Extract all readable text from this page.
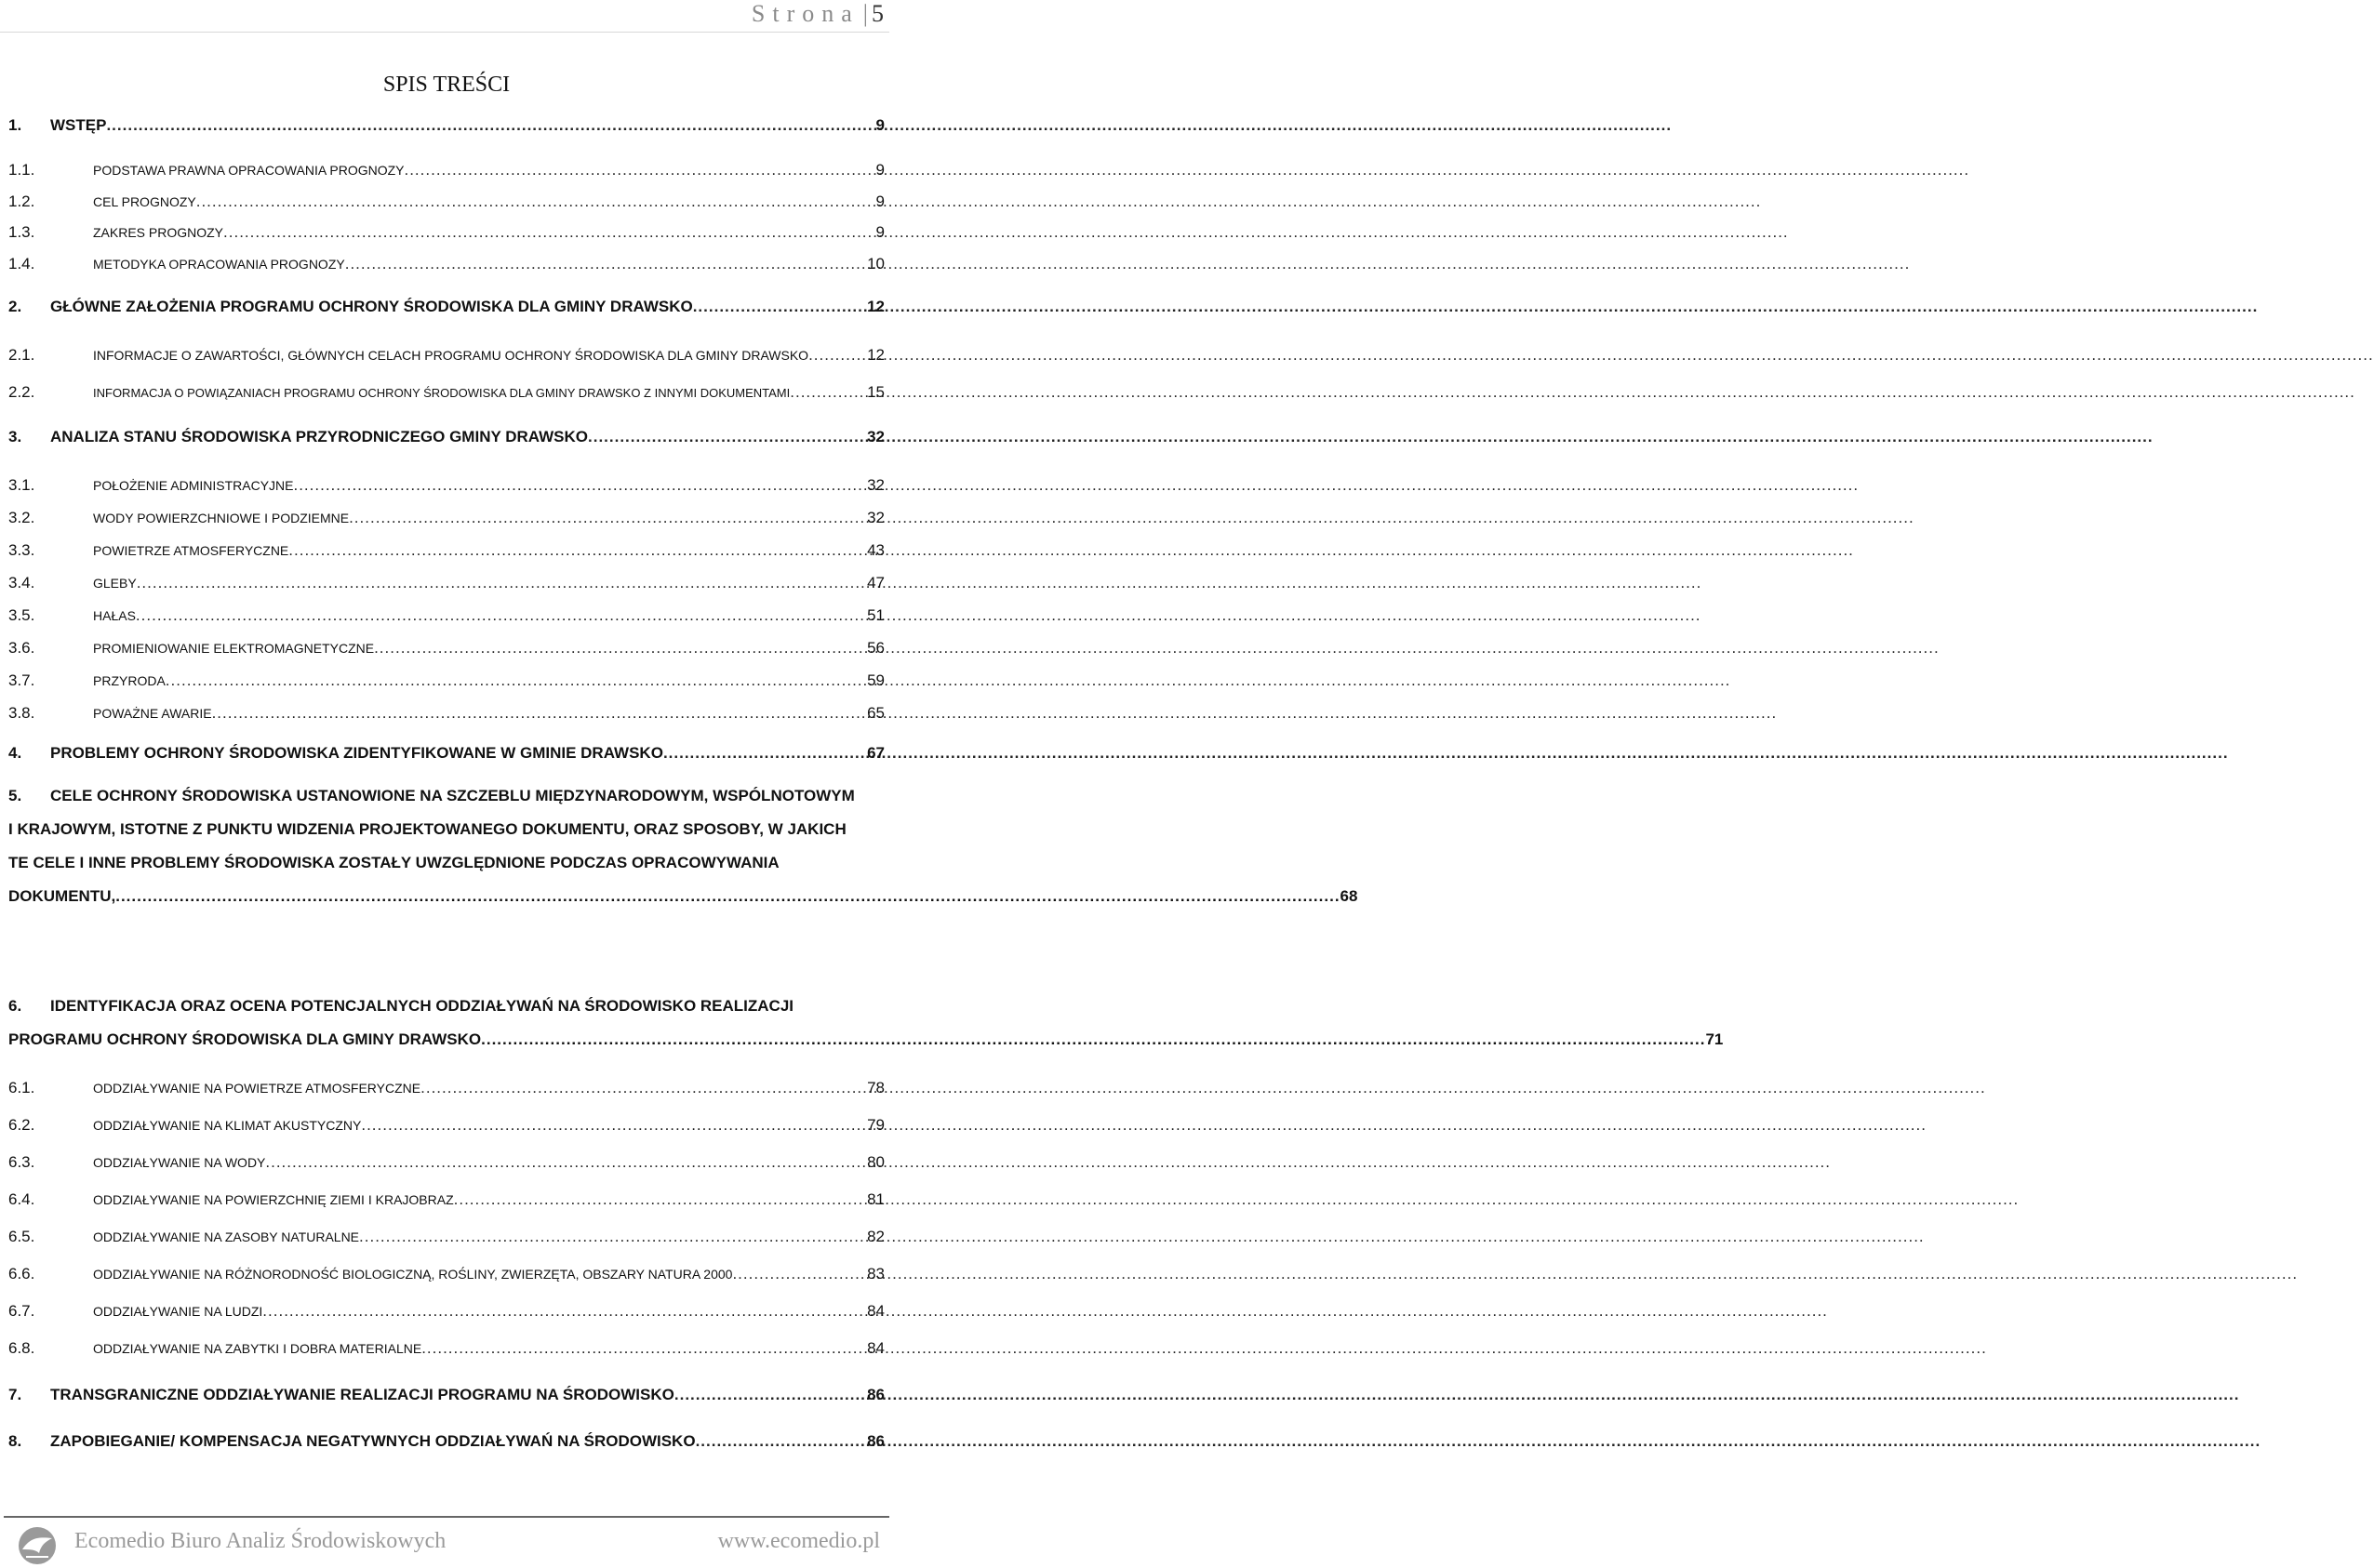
Strona | 5
SPIS TREŚCI
1.	WSTĘP .....	9
1.1.	PODSTAWA PRAWNA OPRACOWANIA PROGNOZY .....	9
1.2.	CEL PROGNOZY .....	9
1.3.	ZAKRES PROGNOZY .....	9
1.4.	METODYKA OPRACOWANIA PROGNOZY .....	10
2.	GŁÓWNE ZAŁOŻENIA PROGRAMU OCHRONY ŚRODOWISKA DLA GMINY DRAWSKO .....	12
2.1.	INFORMACJE O ZAWARTOŚCI, GŁÓWNYCH CELACH PROGRAMU OCHRONY ŚRODOWISKA DLA GMINY DRAWSKO .....	12
2.2.	INFORMACJA O POWIĄZANIACH PROGRAMU OCHRONY ŚRODOWISKA DLA GMINY DRAWSKO Z INNYMI DOKUMENTAMI .....	15
3.	ANALIZA STANU ŚRODOWISKA PRZYRODNICZEGO GMINY DRAWSKO .....	32
3.1.	POŁOŻENIE ADMINISTRACYJNE .....	32
3.2.	WODY POWIERZCHNIOWE I PODZIEMNE .....	32
3.3.	POWIETRZE ATMOSFERYCZNE .....	43
3.4.	GLEBY .....	47
3.5.	HAŁAS .....	51
3.6.	PROMIENIOWANIE ELEKTROMAGNETYCZNE .....	56
3.7.	PRZYRODA .....	59
3.8.	POWAŻNE AWARIE .....	65
4.	PROBLEMY OCHRONY ŚRODOWISKA ZIDENTYFIKOWANE W GMINIE DRAWSKO .....	67
5.	CELE OCHRONY ŚRODOWISKA USTANOWIONE NA SZCZEBLU MIĘDZYNARODOWYM, WSPÓLNOTOWYM
I KRAJOWYM, ISTOTNE Z PUNKTU WIDZENIA PROJEKTOWANEGO DOKUMENTU, ORAZ SPOSOBY, W JAKICH
TE CELE I INNE PROBLEMY ŚRODOWISKA ZOSTAŁY UWZGLĘDNIONE PODCZAS OPRACOWYWANIA
DOKUMENTU, .....	68
6.	IDENTYFIKACJA ORAZ OCENA POTENCJALNYCH ODDZIAŁYWAŃ NA ŚRODOWISKO REALIZACJI
PROGRAMU OCHRONY ŚRODOWISKA DLA GMINY DRAWSKO .....	71
6.1.	ODDZIAŁYWANIE NA POWIETRZE ATMOSFERYCZNE .....	78
6.2.	ODDZIAŁYWANIE NA KLIMAT AKUSTYCZNY .....	79
6.3.	ODDZIAŁYWANIE NA WODY .....	80
6.4.	ODDZIAŁYWANIE NA POWIERZCHNIĘ ZIEMI I KRAJOBRAZ .....	81
6.5.	ODDZIAŁYWANIE NA ZASOBY NATURALNE .....	82
6.6.	ODDZIAŁYWANIE NA RÓŻNORODNOŚĆ BIOLOGICZNĄ, ROŚLINY, ZWIERZĘTA, OBSZARY NATURA 2000 .....	83
6.7.	ODDZIAŁYWANIE NA LUDZI .....	84
6.8.	ODDZIAŁYWANIE NA ZABYTKI I DOBRA MATERIALNE .....	84
7.	TRANSGRANICZNE ODDZIAŁYWANIE REALIZACJI PROGRAMU NA ŚRODOWISKO .....	86
8.	ZAPOBIEGANIE/ KOMPENSACJA NEGATYWNYCH ODDZIAŁYWAŃ NA ŚRODOWISKO .....	86
Ecomedio Biuro Analiz Środowiskowych	www.ecomedio.pl
